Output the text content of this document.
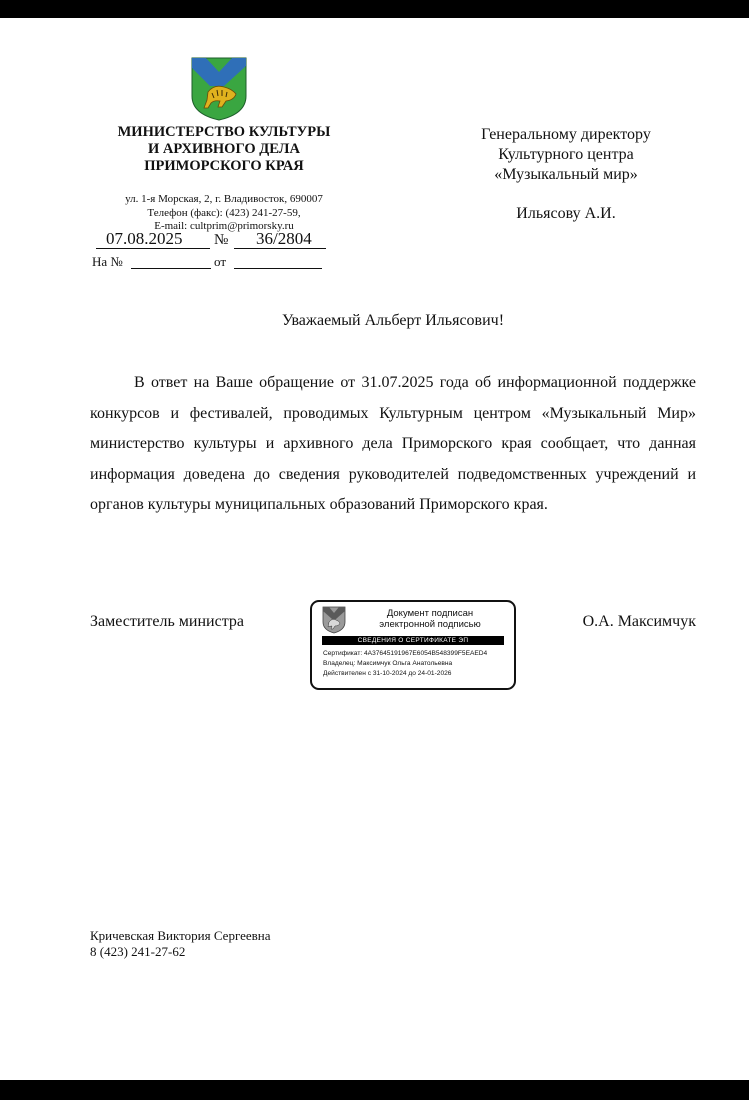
МИНИСТЕРСТВО КУЛЬТУРЫ
И АРХИВНОГО ДЕЛА
ПРИМОРСКОГО КРАЯ
ул. 1-я Морская, 2, г. Владивосток, 690007
Телефон (факс): (423) 241-27-59,
E-mail: cultprim@primorsky.ru
07.08.2025 № 36/2804
На №	от
Генеральному директору
Культурного центра
«Музыкальный мир»
Ильясову А.И.
Уважаемый Альберт Ильясович!
В ответ на Ваше обращение от 31.07.2025 года об информационной поддержке конкурсов и фестивалей, проводимых Культурным центром «Музыкальный Мир» министерство культуры и архивного дела Приморского края сообщает, что данная информация доведена до сведения руководителей подведомственных учреждений и органов культуры муниципальных образований Приморского края.
Заместитель министра	Документ подписан
электронной подписью
СВЕДЕНИЯ О СЕРТИФИКАТЕ ЭП
Сертификат: 4A37645191967E6054B548399F5EAED4
Владелец: Максимчук Ольга Анатольевна
Действителен с 31-10-2024 до 24-01-2026
О.А. Максимчук
Кричевская Виктория Сергеевна
8 (423) 241-27-62
